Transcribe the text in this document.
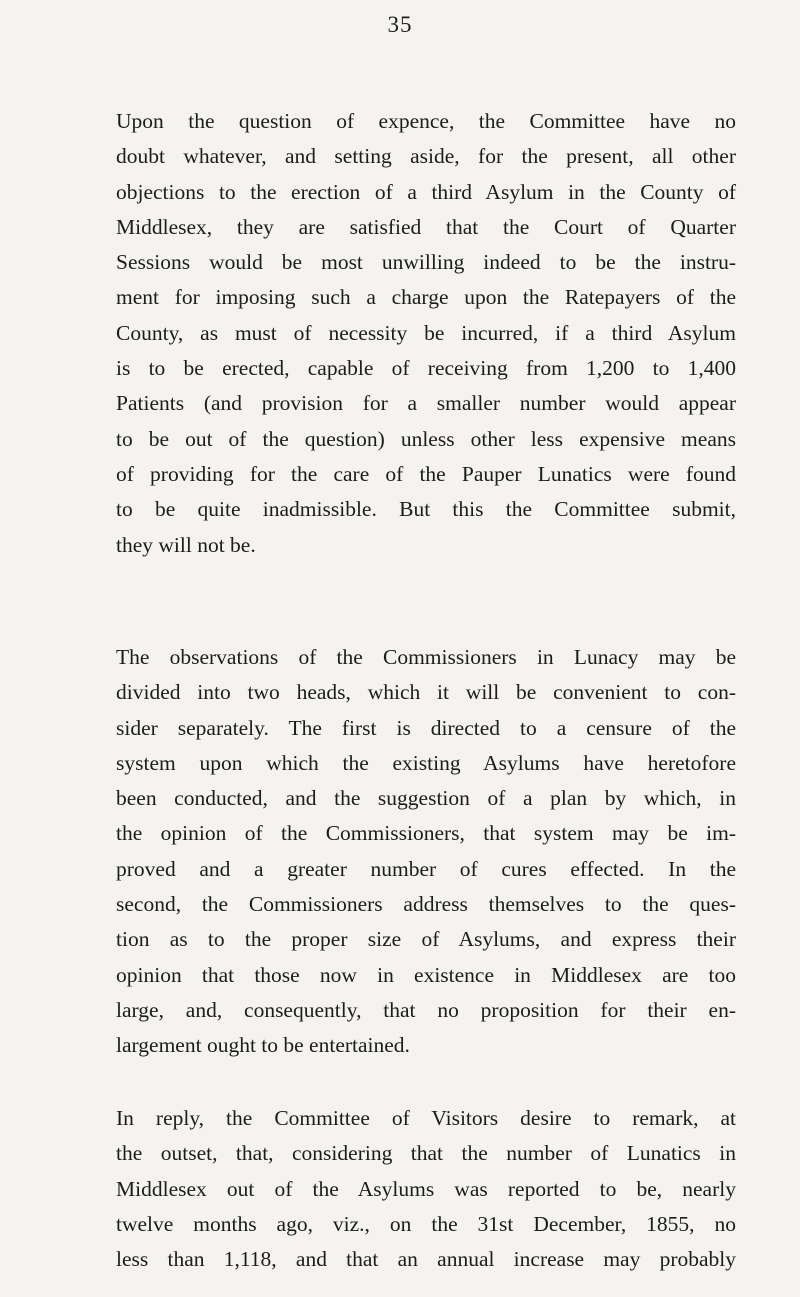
35
Upon the question of expence, the Committee have no
doubt whatever, and setting aside, for the present, all other
objections to the erection of a third Asylum in the County of
Middlesex, they are satisfied that the Court of Quarter
Sessions would be most unwilling indeed to be the instru-
ment for imposing such a charge upon the Ratepayers of the
County, as must of necessity be incurred, if a third Asylum
is to be erected, capable of receiving from 1,200 to 1,400
Patients (and provision for a smaller number would appear
to be out of the question) unless other less expensive means
of providing for the care of the Pauper Lunatics were found
to be quite inadmissible. But this the Committee submit,
they will not be.
The observations of the Commissioners in Lunacy may be
divided into two heads, which it will be convenient to con-
sider separately. The first is directed to a censure of the
system upon which the existing Asylums have heretofore
been conducted, and the suggestion of a plan by which, in
the opinion of the Commissioners, that system may be im-
proved and a greater number of cures effected. In the
second, the Commissioners address themselves to the ques-
tion as to the proper size of Asylums, and express their
opinion that those now in existence in Middlesex are too
large, and, consequently, that no proposition for their en-
largement ought to be entertained.
In reply, the Committee of Visitors desire to remark, at
the outset, that, considering that the number of Lunatics in
Middlesex out of the Asylums was reported to be, nearly
twelve months ago, viz., on the 31st December, 1855, no
less than 1,118, and that an annual increase may probably
